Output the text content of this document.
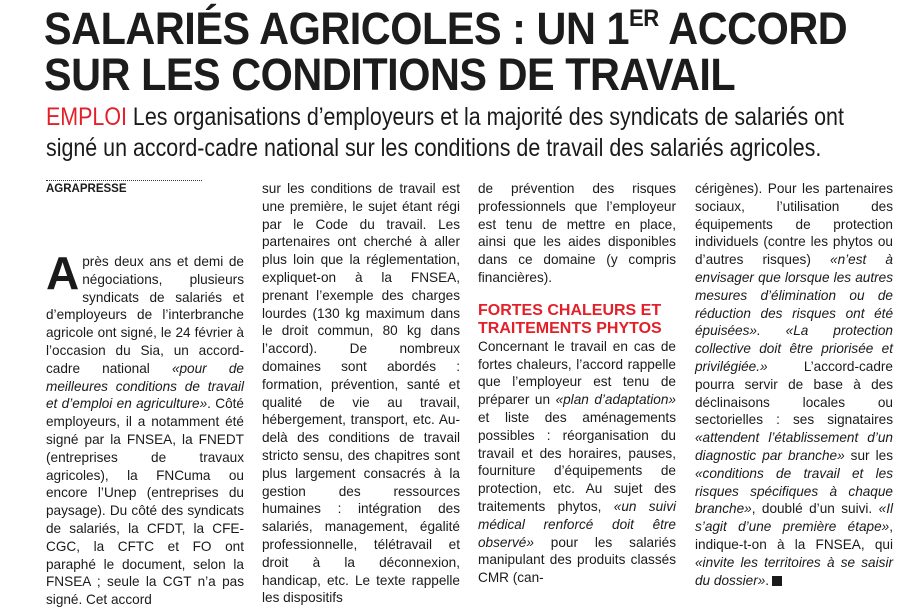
SALARIÉS AGRICOLES : UN 1ER ACCORD
SUR LES CONDITIONS DE TRAVAIL

EMPLOI Les organisations d’employeurs et la majorité des syndicats de salariés ont
signé un accord-cadre national sur les conditions de travail des salariés agricoles.

AGRAPRESSE

Après deux ans et demi de négociations, plusieurs syndicats de salariés et d’employeurs de l’interbranche agricole ont signé, le 24 février à l’occasion du Sia, un accord-cadre national «pour de meilleures conditions de travail et d’emploi en agriculture». Côté employeurs, il a notamment été signé par la FNSEA, la FNEDT (entreprises de travaux agricoles), la FNCuma ou encore l’Unep (entreprises du paysage). Du côté des syndicats de salariés, la CFDT, la CFE-CGC, la CFTC et FO ont paraphé le document, selon la FNSEA ; seule la CGT n’a pas signé. Cet accord

sur les conditions de travail est une première, le sujet étant régi par le Code du travail. Les partenaires ont cherché à aller plus loin que la réglementation, expliquet-on à la FNSEA, prenant l’exemple des charges lourdes (130 kg maximum dans le droit commun, 80 kg dans l’accord). De nombreux domaines sont abordés : formation, prévention, santé et qualité de vie au travail, hébergement, transport, etc. Au-delà des conditions de travail stricto sensu, des chapitres sont plus largement consacrés à la gestion des ressources humaines : intégration des salariés, management, égalité professionnelle, télétravail et droit à la déconnexion, handicap, etc. Le texte rappelle les dispositifs

de prévention des risques professionnels que l’employeur est tenu de mettre en place, ainsi que les aides disponibles dans ce domaine (y compris financières).

FORTES CHALEURS ET TRAITEMENTS PHYTOS

Concernant le travail en cas de fortes chaleurs, l’accord rappelle que l’employeur est tenu de préparer un «plan d’adaptation» et liste des aménagements possibles : réorganisation du travail et des horaires, pauses, fourniture d’équipements de protection, etc. Au sujet des traitements phytos, «un suivi médical renforcé doit être observé» pour les salariés manipulant des produits classés CMR (can-

cérigènes). Pour les partenaires sociaux, l’utilisation des équipements de protection individuels (contre les phytos ou d’autres risques) «n’est à envisager que lorsque les autres mesures d’élimination ou de réduction des risques ont été épuisées». «La protection collective doit être priorisée et privilégiée.» L’accord-cadre pourra servir de base à des déclinaisons locales ou sectorielles : ses signataires «attendent l’établissement d’un diagnostic par branche» sur les «conditions de travail et les risques spécifiques à chaque branche», doublé d’un suivi. «Il s’agit d’une première étape», indique-t-on à la FNSEA, qui «invite les territoires à se saisir du dossier».
